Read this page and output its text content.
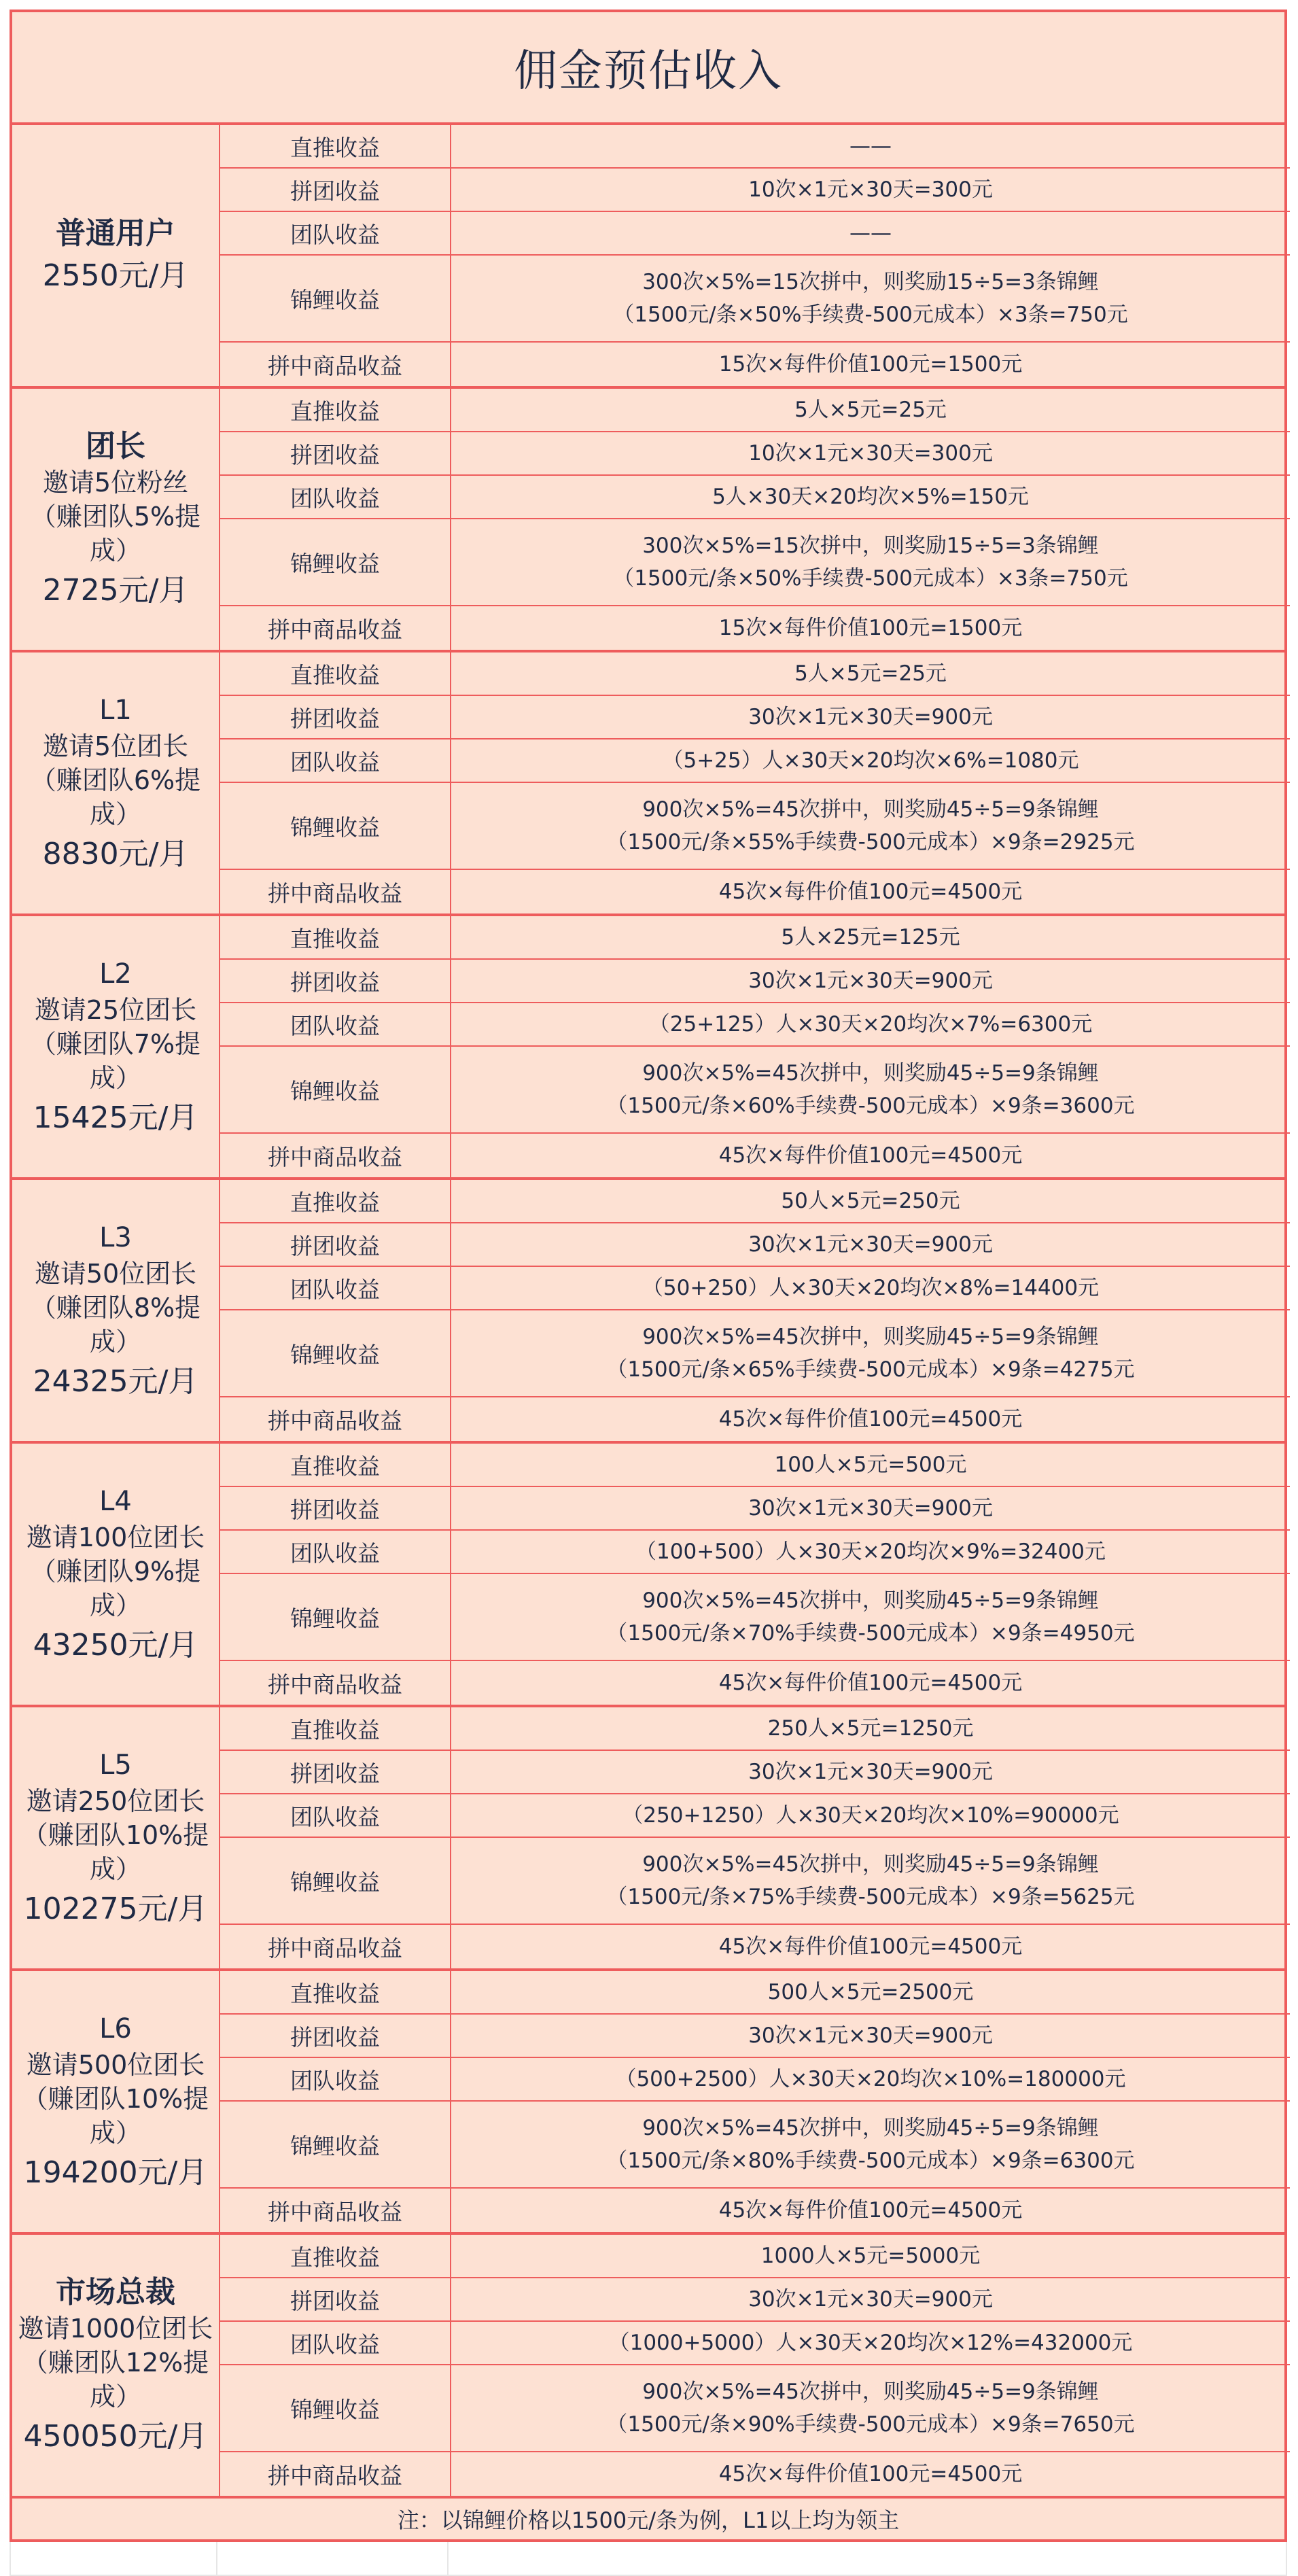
佣金预估收入
普通用户
2550元/月
直推收益	——
拼团收益	10次×1元×30天=300元
团队收益	——
锦鲤收益
300次×5%=15次拼中，则奖励15÷5=3条锦鲤
（1500元/条×50%手续费-500元成本）×3条=750元
拼中商品收益	15次×每件价值100元=1500元
团长
邀请5位粉丝
（赚团队5%提成）
2725元/月
直推收益	5人×5元=25元
拼团收益	10次×1元×30天=300元
团队收益	5人×30天×20均次×5%=150元
锦鲤收益
300次×5%=15次拼中，则奖励15÷5=3条锦鲤
（1500元/条×50%手续费-500元成本）×3条=750元
拼中商品收益	15次×每件价值100元=1500元
L1
邀请5位团长
（赚团队6%提
成）
8830元/月
直推收益	5人×5元=25元
拼团收益	30次×1元×30天=900元
团队收益	（5+25）人×30天×20均次×6%=1080元
锦鲤收益
900次×5%=45次拼中，则奖励45÷5=9条锦鲤
（1500元/条×55%手续费-500元成本）×9条=2925元
拼中商品收益	45次×每件价值100元=4500元
L2
邀请25位团长
（赚团队7%提
成）
15425元/月
直推收益	5人×25元=125元
拼团收益	30次×1元×30天=900元
团队收益	（25+125）人×30天×20均次×7%=6300元
锦鲤收益
900次×5%=45次拼中，则奖励45÷5=9条锦鲤
（1500元/条×60%手续费-500元成本）×9条=3600元
拼中商品收益	45次×每件价值100元=4500元
L3
邀请50位团长
（赚团队8%提
成）
24325元/月
直推收益	50人×5元=250元
拼团收益	30次×1元×30天=900元
团队收益	（50+250）人×30天×20均次×8%=14400元
锦鲤收益
900次×5%=45次拼中，则奖励45÷5=9条锦鲤
（1500元/条×65%手续费-500元成本）×9条=4275元
拼中商品收益	45次×每件价值100元=4500元
L4
邀请100位团长
（赚团队9%提
成）
43250元/月
直推收益	100人×5元=500元
拼团收益	30次×1元×30天=900元
团队收益	（100+500）人×30天×20均次×9%=32400元
锦鲤收益
900次×5%=45次拼中，则奖励45÷5=9条锦鲤
（1500元/条×70%手续费-500元成本）×9条=4950元
拼中商品收益	45次×每件价值100元=4500元
L5
邀请250位团长
（赚团队10%提
成）
102275元/月
直推收益	250人×5元=1250元
拼团收益	30次×1元×30天=900元
团队收益	（250+1250）人×30天×20均次×10%=90000元
锦鲤收益
900次×5%=45次拼中，则奖励45÷5=9条锦鲤
（1500元/条×75%手续费-500元成本）×9条=5625元
拼中商品收益	45次×每件价值100元=4500元
L6
邀请500位团长
（赚团队10%提
成）
194200元/月
直推收益	500人×5元=2500元
拼团收益	30次×1元×30天=900元
团队收益	（500+2500）人×30天×20均次×10%=180000元
锦鲤收益
900次×5%=45次拼中，则奖励45÷5=9条锦鲤
（1500元/条×80%手续费-500元成本）×9条=6300元
拼中商品收益	45次×每件价值100元=4500元
市场总裁
邀请1000位团长
（赚团队12%提
成）
450050元/月
直推收益	1000人×5元=5000元
拼团收益	30次×1元×30天=900元
团队收益	（1000+5000）人×30天×20均次×12%=432000元
锦鲤收益
900次×5%=45次拼中，则奖励45÷5=9条锦鲤
（1500元/条×90%手续费-500元成本）×9条=7650元
拼中商品收益	45次×每件价值100元=4500元
注：以锦鲤价格以1500元/条为例，L1以上均为领主
